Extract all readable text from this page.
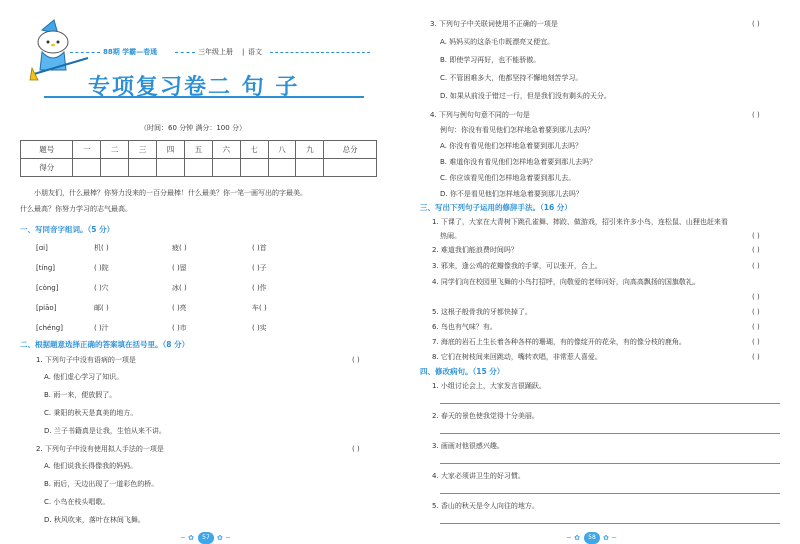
88期 学霸—卷通	三年级上册 | 语文
专项复习卷二 句 子
（时间：60 分钟 满分：100 分）
题号	一	二	三	四	五	六	七	八	九	总分
得分										
小朋友们，什么最棒？你努力没来的一百分最棒！什么最美？你一笔一画写出的字最美。
什么最高？你努力学习的志气最高。
一、写同音字组词。（5 分）
[ɑi]	机( )	疲( )	( )首
[tíng]	( )院	( )留	( )子
[còng]	( )穴	冰( )	( )作
[piāo]	邮( )	( )亮	车( )
[chéng]	( )汁	( )市	( )实
二、根据题意选择正确的答案填在括号里。（8 分）
1. 下列句子中没有语病的一项是	( )
A. 他们虚心学习了知识。
B. 雨一来，便放假了。
C. 秉阳的秋天是真美的地方。
D. 兰子书籍真是让我，生怕从来不讲。
2. 下列句子中没有使用拟人手法的一项是	( )
A. 他们说我长得像我的妈妈。
B. 雨后，天边出现了一道彩色的桥。
C. 小鸟在枝头唱歌。
D. 秋风吹来，落叶在林间飞舞。
~ ✿	57	✿ ~
3. 下列句子中关联词使用不正确的一项是	( )
A. 妈妈买的这条毛巾既漂亮又便宜。
B. 即使学习再好，也不能骄傲。
C. 不管困难多大，他都坚持不懈地刻苦学习。
D. 如果从前没于错过一行，但是我们没有剩头的天分。
4. 下列与例句句意不同的一句是	( )
例句：你没有看见他们怎样地急着要到那儿去吗？
A. 你没有看见他们怎样地急着要到那儿去吗？
B. 难道你没有看见他们怎样地急着要到那儿去吗？
C. 你应该看见他们怎样地急着要到那儿去。
D. 你不是看见他们怎样地急着要到那儿去吗？
三、写出下列句子运用的修辞手法。（16 分）
1. 下课了，大家在大青树下跳孔雀舞、摔跤、做游戏，招引来许多小鸟，连松鼠、山狸也赶来看
热闹。	( )
2. 难道我们能浪费时间吗？	( )
3. 邪来，逢公鸡的花瓣像我的手掌，可以张开，合上。	( )
4. 同学们向在校园里飞舞的小鸟打招呼，向敬爱的老师问好，向高高飘扬的国旗敬礼。
( )
5. 这根子般骨我的牙都快掉了。	( )
6. 鸟也有气味？有。	( )
7. 海底的岩石上生长着各种各样的珊瑚，有的像绽开的花朵，有的像分枝的鹿角。	( )
8. 它们在树枝间来回跳动，嘴转欢唱，非常惹人喜爱。	( )
四、修改病句。（15 分）
1. 小组讨论会上，大家发言很踊跃。
2. 春天的景色使我觉得十分美丽。
3. 画画对他很感兴趣。
4. 大家必须讲卫生的好习惯。
5. 香山的秋天是令人向往的地方。
~ ✿	58	✿ ~
